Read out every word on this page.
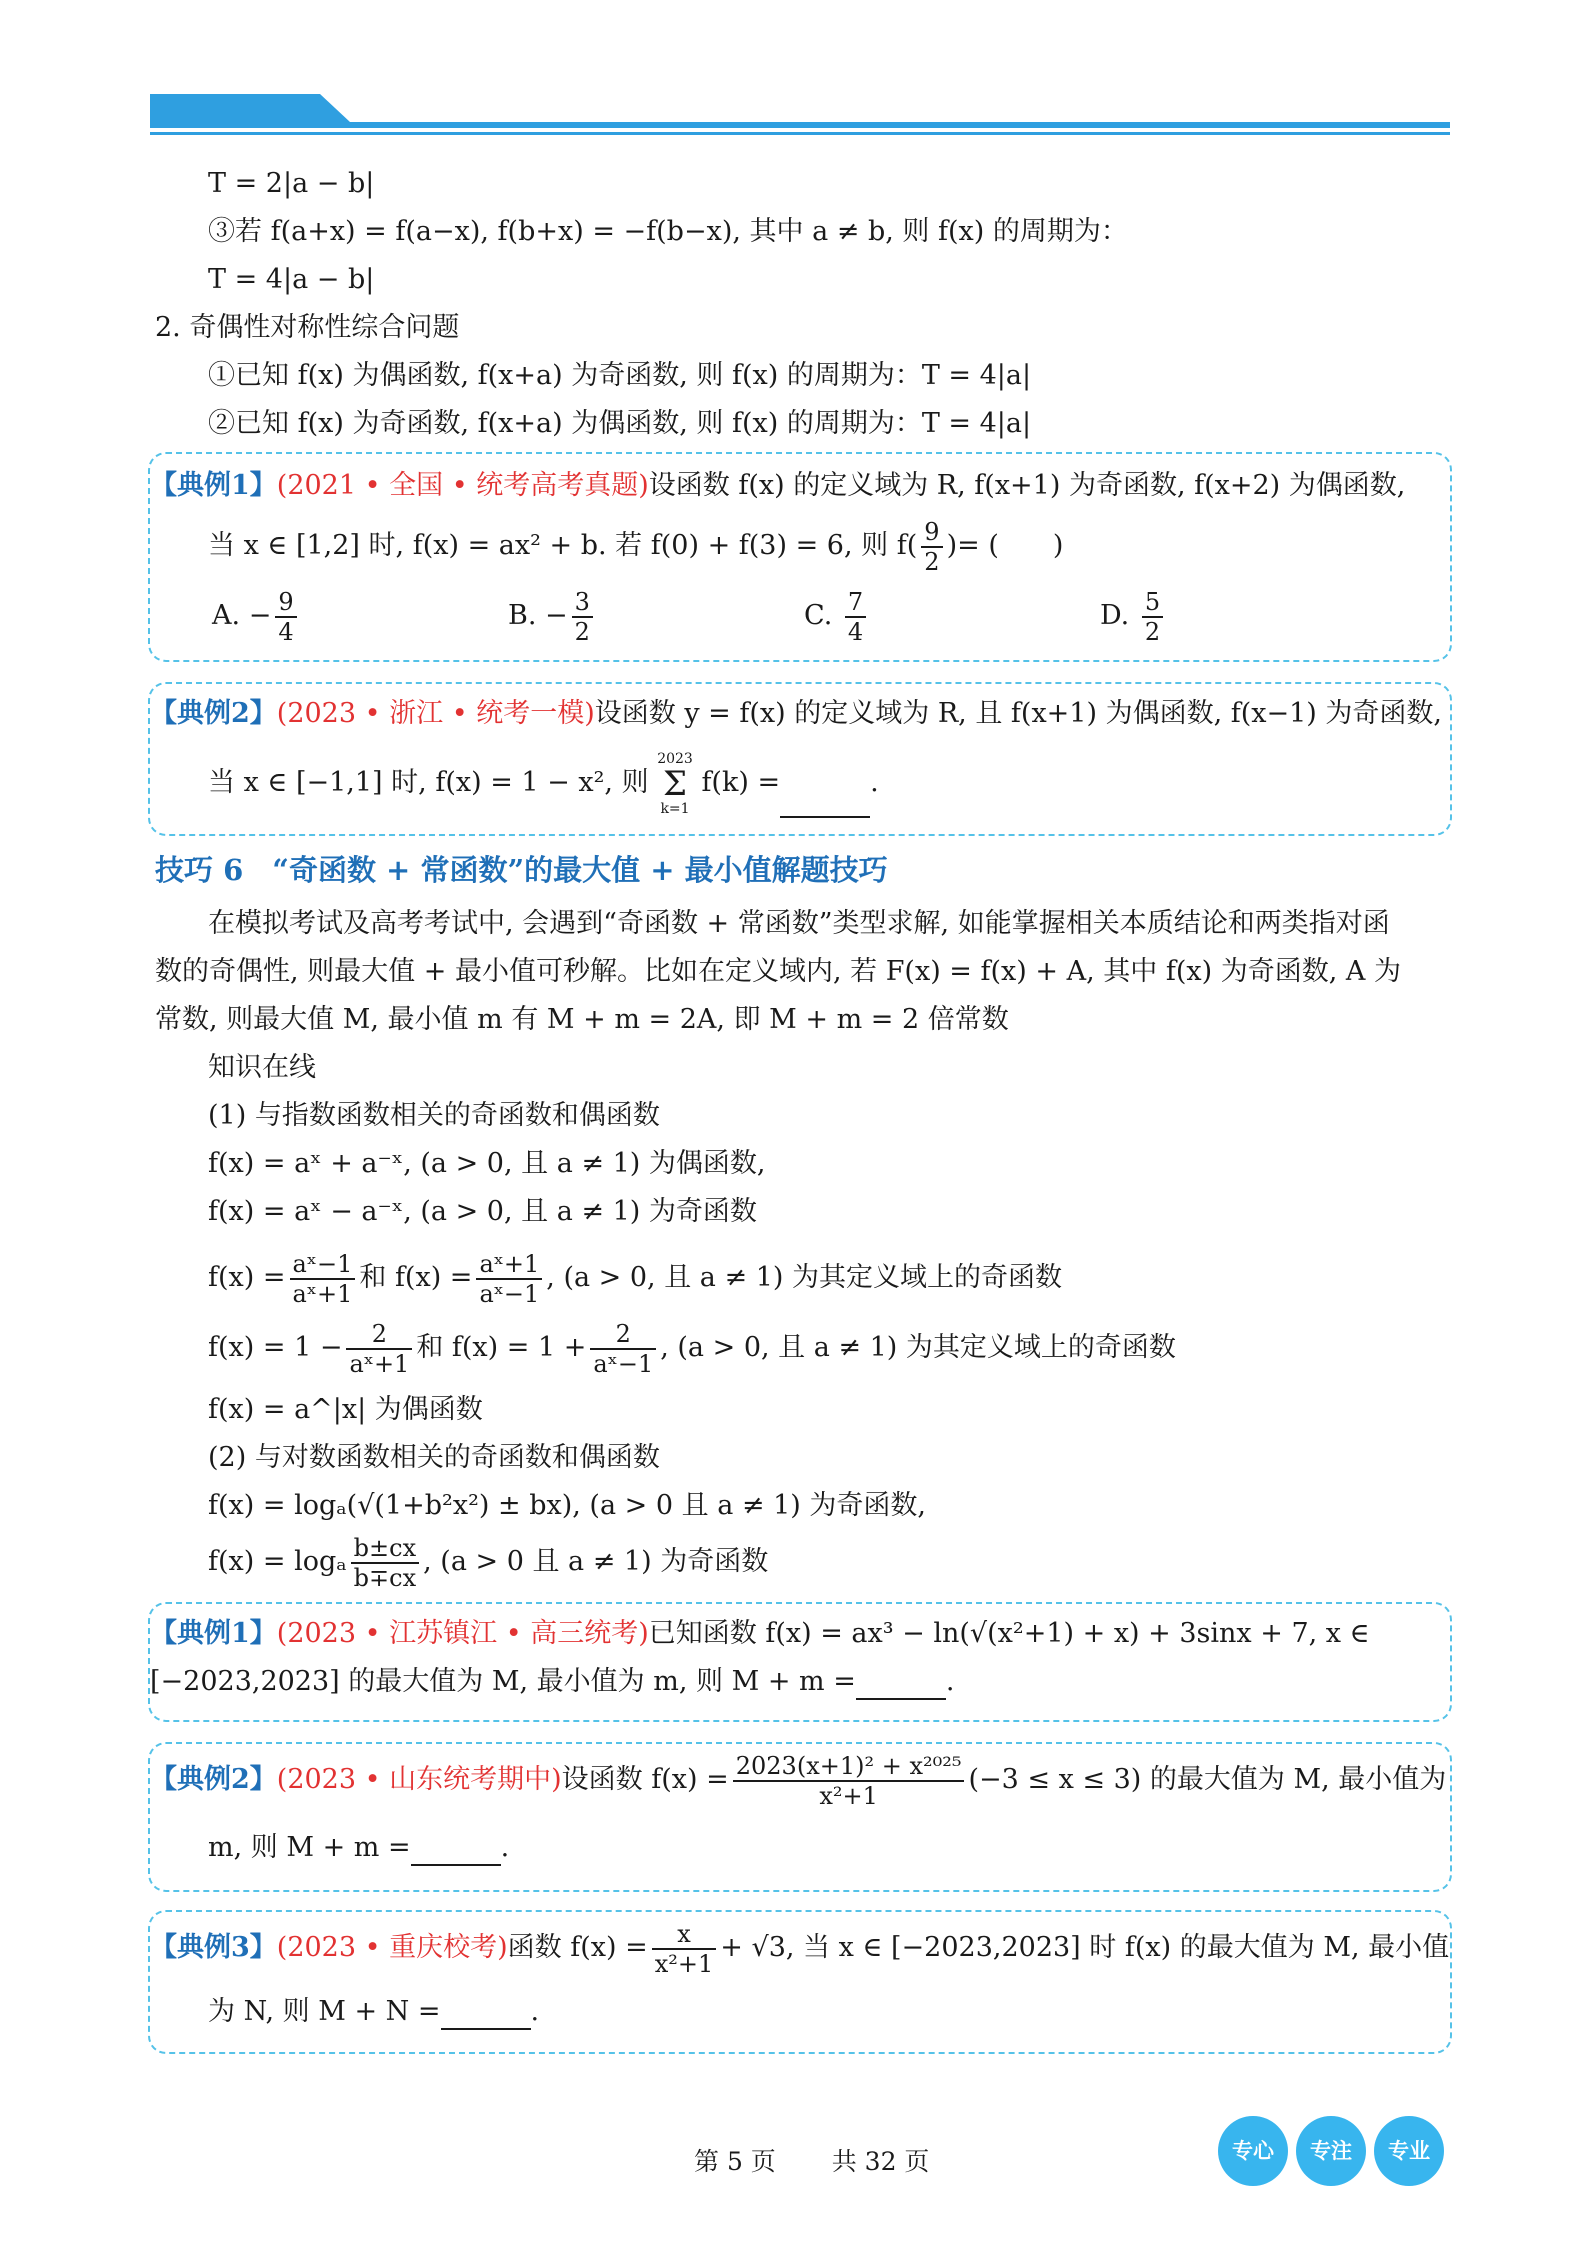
T = 2|a − b|
③若 f(a+x) = f(a−x), f(b+x) = −f(b−x), 其中 a ≠ b, 则 f(x) 的周期为：
T = 4|a − b|
2. 奇偶性对称性综合问题
①已知 f(x) 为偶函数, f(x+a) 为奇函数, 则 f(x) 的周期为：T = 4|a|
②已知 f(x) 为奇函数, f(x+a) 为偶函数, 则 f(x) 的周期为：T = 4|a|
【典例1】(2021 • 全国 • 统考高考真题)设函数 f(x) 的定义域为 R, f(x+1) 为奇函数, f(x+2) 为偶函数,
当 x ∈ [1,2] 时, f(x) = ax² + b. 若 f(0) + f(3) = 6, 则 $f( \frac{9}{2}$ )= (　　)
A. − $\frac{9}{4}$	B. − $\frac{3}{2}$	C. $\frac{7}{4}$	D. $\frac{5}{2}$
【典例2】(2023 • 浙江 • 统考一模)设函数 y = f(x) 的定义域为 R, 且 f(x+1) 为偶函数, f(x−1) 为奇函数,
当 x ∈ [−1,1] 时, f(x) = 1 − x², 则
2023
Σ
k=1
f(k) =	.
技巧 6　“奇函数 + 常函数”的最大值 + 最小值解题技巧
在模拟考试及高考考试中, 会遇到“奇函数 + 常函数”类型求解, 如能掌握相关本质结论和两类指对函
数的奇偶性, 则最大值 + 最小值可秒解。比如在定义域内, 若 F(x) = f(x) + A, 其中 f(x) 为奇函数, A 为
常数, 则最大值 M, 最小值 m 有 M + m = 2A, 即 M + m = 2 倍常数
知识在线
(1) 与指数函数相关的奇函数和偶函数
f(x) = aˣ + a⁻ˣ, (a > 0, 且 a ≠ 1) 为偶函数,
f(x) = aˣ − a⁻ˣ, (a > 0, 且 a ≠ 1) 为奇函数
$f(x) = \frac{\text{aˣ−1}}{\text{aˣ+1}}$ 和 $f(x) = \frac{\text{aˣ+1}}{\text{aˣ−1}}$ , (a > 0, 且 a ≠ 1) 为其定义域上的奇函数
$f(x) = 1 - \frac{2}{\text{aˣ+1}}$ 和 $f(x) = 1 + \frac{2}{\text{aˣ−1}}$ , (a > 0, 且 a ≠ 1) 为其定义域上的奇函数
f(x) = a^|x| 为偶函数
(2) 与对数函数相关的奇函数和偶函数
f(x) = logₐ(√(1+b²x²) ± bx), (a > 0 且 a ≠ 1) 为奇函数,
f(x) = logₐ $\frac{b\pm cx}{b\mp cx}$ , (a > 0 且 a ≠ 1) 为奇函数
【典例1】(2023 • 江苏镇江 • 高三统考)已知函数 f(x) = ax³ − ln(√(x²+1) + x) + 3sinx + 7, x ∈
[−2023,2023] 的最大值为 M, 最小值为 m, 则 M + m =	.
【典例2】(2023 • 山东统考期中)设函数 $f(x) = \frac{\text{2023(x+1)² + x²⁰²⁵}}{\text{x²+1}} (-3 \le x \le 3)$ 的最大值为 M, 最小值为
m, 则 M + m =	.
【典例3】(2023 • 重庆校考)函数 $f(x) = \frac{x}{\text{x²+1}} + √3$, 当 x ∈ [−2023,2023] 时 f(x) 的最大值为 M, 最小值
为 N, 则 M + N =	.
第 5 页 共 32 页	专心	专注	专业
